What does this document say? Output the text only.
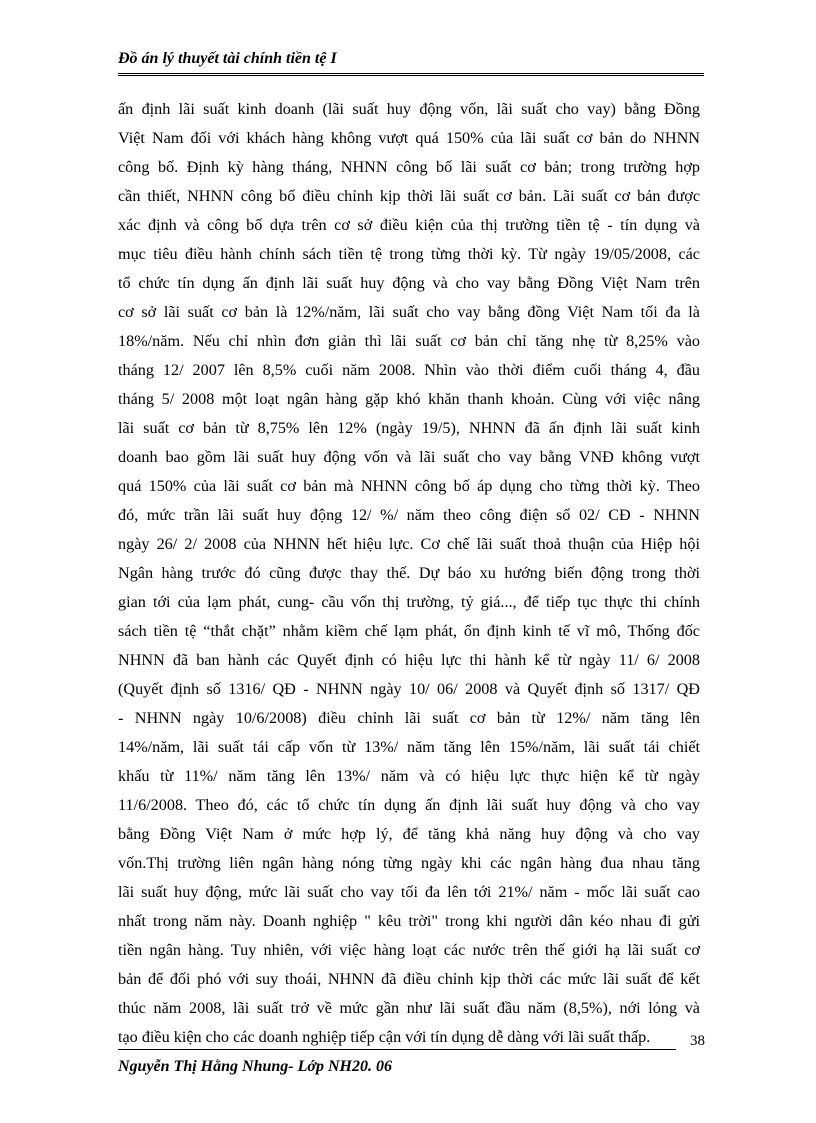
Đồ án lý thuyết tài chính tiền tệ I
ấn định lãi suất kinh doanh (lãi suất huy động vốn, lãi suất cho vay) bằng Đồng
Việt Nam đối với khách hàng không vượt quá 150% của lãi suất cơ bản do NHNN
công bố. Định kỳ hàng tháng, NHNN công bố lãi suất cơ bản; trong trường hợp
cần thiết, NHNN công bố điều chỉnh kịp thời lãi suất cơ bản. Lãi suất cơ bản được
xác định và công bố dựa trên cơ sở điều kiện của thị trường tiền tệ - tín dụng và
mục tiêu điều hành chính sách tiền tệ trong từng thời kỳ. Từ ngày 19/05/2008, các
tổ chức tín dụng ấn định lãi suất huy động và cho vay bằng Đồng Việt Nam trên
cơ sở lãi suất cơ bản là 12%/năm, lãi suất cho vay bằng đồng Việt Nam tối đa là
18%/năm. Nếu chỉ nhìn đơn giản thì lãi suất cơ bản chỉ tăng nhẹ từ 8,25% vào
tháng 12/ 2007 lên 8,5% cuối năm 2008. Nhìn vào thời điểm cuối tháng 4, đầu
tháng 5/ 2008 một loạt ngân hàng gặp khó khăn thanh khoản. Cùng với việc nâng
lãi suất cơ bản từ 8,75% lên 12% (ngày 19/5), NHNN đã ấn định lãi suất kinh
doanh bao gồm lãi suất huy động vốn và lãi suất cho vay bằng VNĐ không vượt
quá 150% của lãi suất cơ bản mà NHNN công bố áp dụng cho từng thời kỳ. Theo
đó, mức trần lãi suất huy động 12/ %/ năm theo công điện số 02/ CĐ - NHNN
ngày 26/ 2/ 2008 của NHNN hết hiệu lực. Cơ chế lãi suất thoả thuận của Hiệp hội
Ngân hàng trước đó cũng được thay thế. Dự báo xu hướng biến động trong thời
gian tới của lạm phát, cung- cầu vốn thị trường, tỷ giá..., để tiếp tục thực thi chính
sách tiền tệ “thắt chặt” nhằm kiềm chế lạm phát, ổn định kinh tế vĩ mô, Thống đốc
NHNN đã ban hành các Quyết định có hiệu lực thi hành kể từ ngày 11/ 6/ 2008
(Quyết định số 1316/ QĐ - NHNN ngày 10/ 06/ 2008 và Quyết định số 1317/ QĐ
- NHNN ngày 10/6/2008) điều chỉnh lãi suất cơ bản từ 12%/ năm tăng lên
14%/năm, lãi suất tái cấp vốn từ 13%/ năm tăng lên 15%/năm, lãi suất tái chiết
khấu từ 11%/ năm tăng lên 13%/ năm và có hiệu lực thực hiện kể từ ngày
11/6/2008. Theo đó, các tổ chức tín dụng ấn định lãi suất huy động và cho vay
bằng Đồng Việt Nam ở mức hợp lý, để tăng khả năng huy động và cho vay
vốn.Thị trường liên ngân hàng nóng từng ngày khi các ngân hàng đua nhau tăng
lãi suất huy động, mức lãi suất cho vay tối đa lên tới 21%/ năm - mốc lãi suất cao
nhất trong năm này. Doanh nghiệp " kêu trời" trong khi người dân kéo nhau đi gửi
tiền ngân hàng. Tuy nhiên, với việc hàng loạt các nước trên thế giới hạ lãi suất cơ
bản để đối phó với suy thoái, NHNN đã điều chỉnh kịp thời các mức lãi suất để kết
thúc năm 2008, lãi suất trở về mức gần như lãi suất đầu năm (8,5%), nới lỏng và
tạo điều kiện cho các doanh nghiệp tiếp cận với tín dụng dễ dàng với lãi suất thấp.	38
Nguyễn Thị Hằng Nhung- Lớp NH20. 06
